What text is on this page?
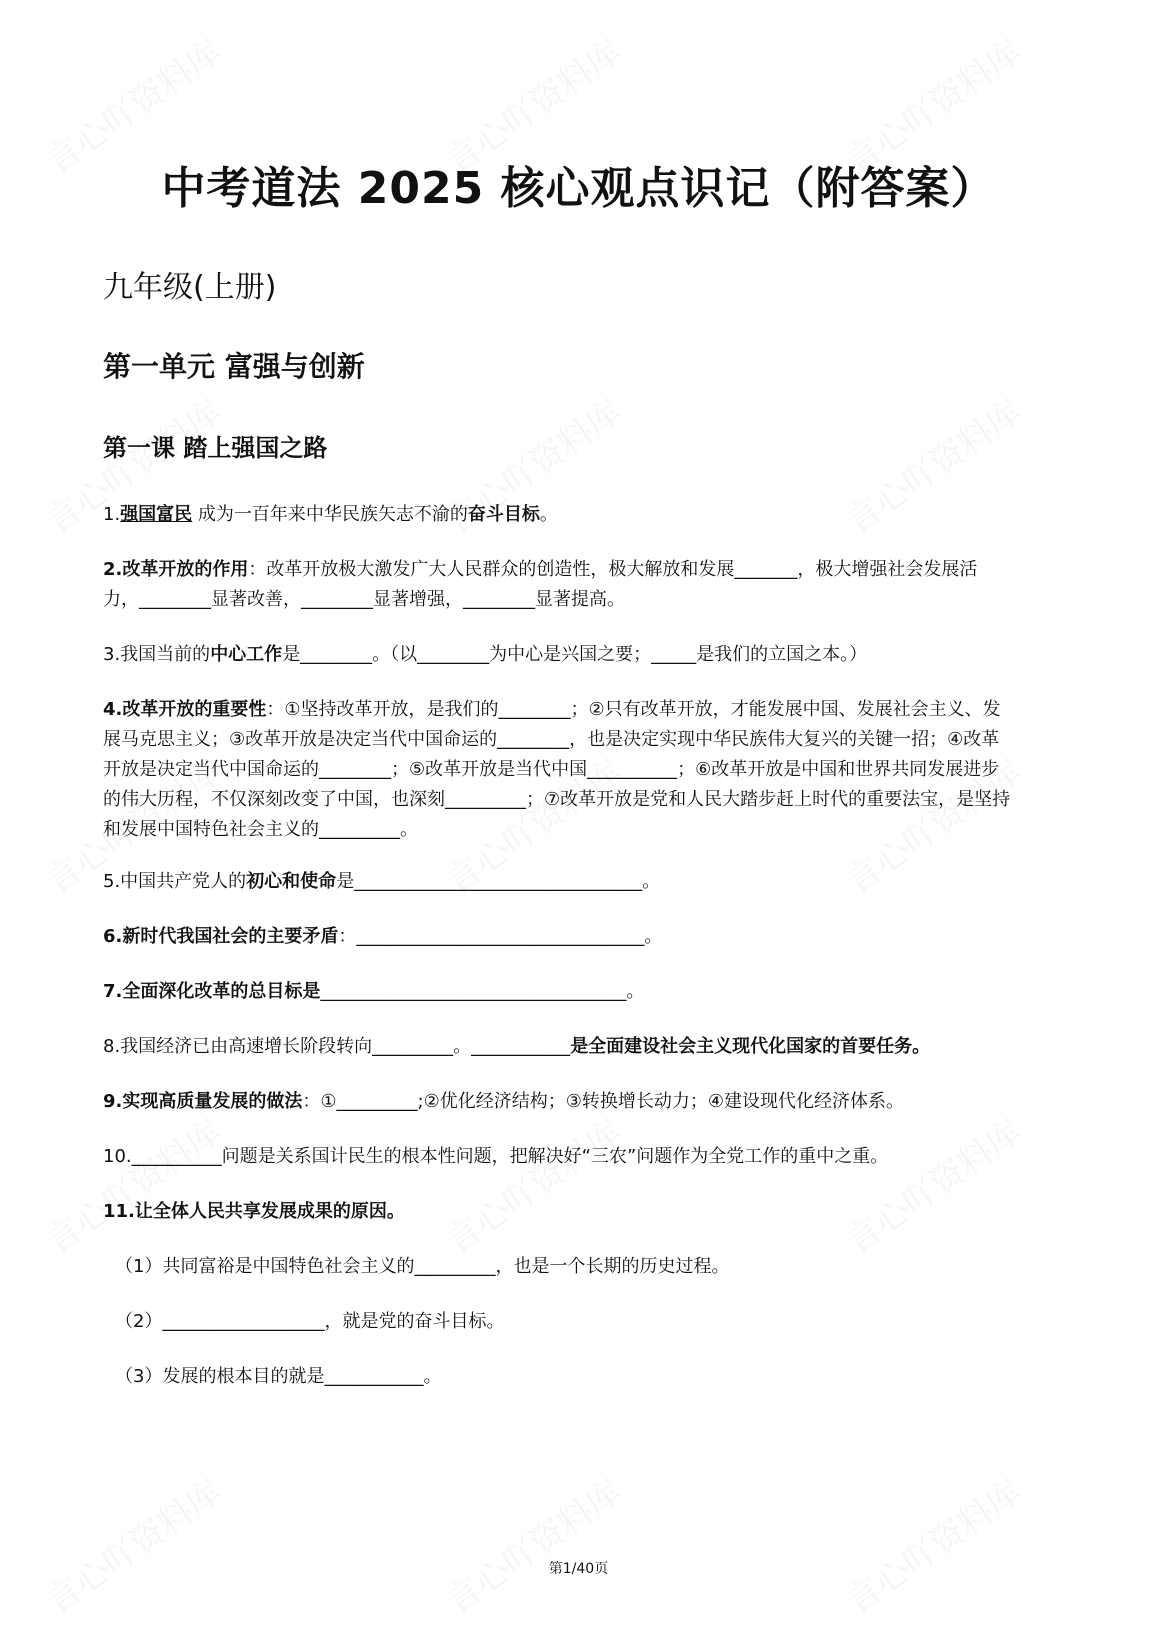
中考道法 2025 核心观点识记（附答案）
九年级(上册)
第一单元 富强与创新
第一课 踏上强国之路
1.强国富民 成为一百年来中华民族矢志不渝的奋斗目标。
2.改革开放的作用：改革开放极大激发广大人民群众的创造性，极大解放和发展_______，极大增强社会发展活力，________显著改善，________显著增强，________显著提高。
3.我国当前的中心工作是________。（以________为中心是兴国之要；_____是我们的立国之本。）
4.改革开放的重要性：①坚持改革开放，是我们的________；②只有改革开放，才能发展中国、发展社会主义、发展马克思主义；③改革开放是决定当代中国命运的________，也是决定实现中华民族伟大复兴的关键一招；④改革开放是决定当代中国命运的________；⑤改革开放是当代中国__________；⑥改革开放是中国和世界共同发展进步的伟大历程，不仅深刻改变了中国，也深刻_________；⑦改革开放是党和人民大踏步赶上时代的重要法宝，是坚持和发展中国特色社会主义的_________。
5.中国共产党人的初心和使命是________________________________。
6.新时代我国社会的主要矛盾：________________________________。
7.全面深化改革的总目标是__________________________________。
8.我国经济已由高速增长阶段转向_________。___________是全面建设社会主义现代化国家的首要任务。
9.实现高质量发展的做法：①_________;②优化经济结构；③转换增长动力；④建设现代化经济体系。
10.__________问题是关系国计民生的根本性问题，把解决好“三农”问题作为全党工作的重中之重。
11.让全体人民共享发展成果的原因。
（1）共同富裕是中国特色社会主义的_________，也是一个长期的历史过程。
（2）__________________，就是党的奋斗目标。
（3）发展的根本目的就是___________。
第1/40页
